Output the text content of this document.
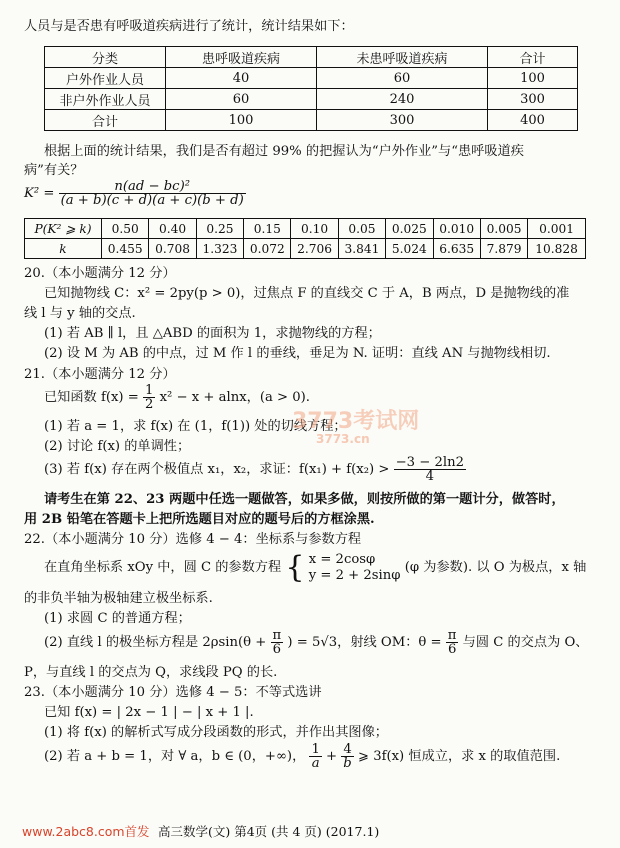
人员与是否患有呼吸道疾病进行了统计，统计结果如下：
分类	患呼吸道疾病	未患呼吸道疾病	合计
户外作业人员	40	60	100
非户外作业人员	60	240	300
合计	100	300	400
根据上面的统计结果，我们是否有超过 99% 的把握认为“户外作业”与“患呼吸道疾
病”有关？
$K^2 = \frac{\text{n(ad − bc)²}}{(a + b)(c + d)(a + c)(b + d)}$
P(K² ⩾ k)	0.50	0.40	0.25	0.15	0.10	0.05	0.025	0.010	0.005	0.001
k	0.455	0.708	1.323	0.072	2.706	3.841	5.024	6.635	7.879	10.828
20.（本小题满分 12 分）
已知抛物线 C：x² = 2py(p > 0)，过焦点 F 的直线交 C 于 A，B 两点，D 是抛物线的准
线 l 与 y 轴的交点.
(1) 若 AB ∥ l，且 △ABD 的面积为 1，求抛物线的方程；
(2) 设 M 为 AB 的中点，过 M 作 l 的垂线，垂足为 N. 证明：直线 AN 与抛物线相切.
21.（本小题满分 12 分）
已知函数 $f(x) = \frac{1}{2} x^2 - x + alnx$，(a > 0).
(1) 若 a = 1，求 f(x) 在 (1，f(1)) 处的切线方程；
(2) 讨论 f(x) 的单调性；
(3) 若 f(x) 存在两个极值点 x₁，x₂，求证：$f(x_1) + f(x_2) > \frac{-3 - 2\ln 2}{4}$
请考生在第 22、23 两题中任选一题做答，如果多做，则按所做的第一题计分，做答时，
用 2B 铅笔在答题卡上把所选题目对应的题号后的方框涂黑.
22.（本小题满分 10 分）选修 4 − 4：坐标系与参数方程
在直角坐标系 xOy 中，圆 C 的参数方程 { x = 2cosφ
y = 2 + 2sinφ (φ 为参数). 以 O 为极点，x 轴
的非负半轴为极轴建立极坐标系.
(1) 求圆 C 的普通方程；
(2) 直线 l 的极坐标方程是 $2\rho\sin(\theta + \frac{\pi}{6}$ ) = 5√3，射线 OM：$\theta = \frac{\pi}{6}$ 与圆 C 的交点为 O、
P，与直线 l 的交点为 Q，求线段 PQ 的长.
23.（本小题满分 10 分）选修 4 − 5：不等式选讲
已知 f(x) = | 2x − 1 | − | x + 1 |.
(1) 将 f(x) 的解析式写成分段函数的形式，并作出其图像；
(2) 若 a + b = 1，对 ∀ a，b ∈ (0，+∞)， $\frac{1}{a} + \frac{4}{b}$ ⩾ 3f(x) 恒成立，求 x 的取值范围.
3773考试网
3773.cn
www.2abc8.com首发 高三数学(文) 第4页 (共 4 页) (2017.1)
